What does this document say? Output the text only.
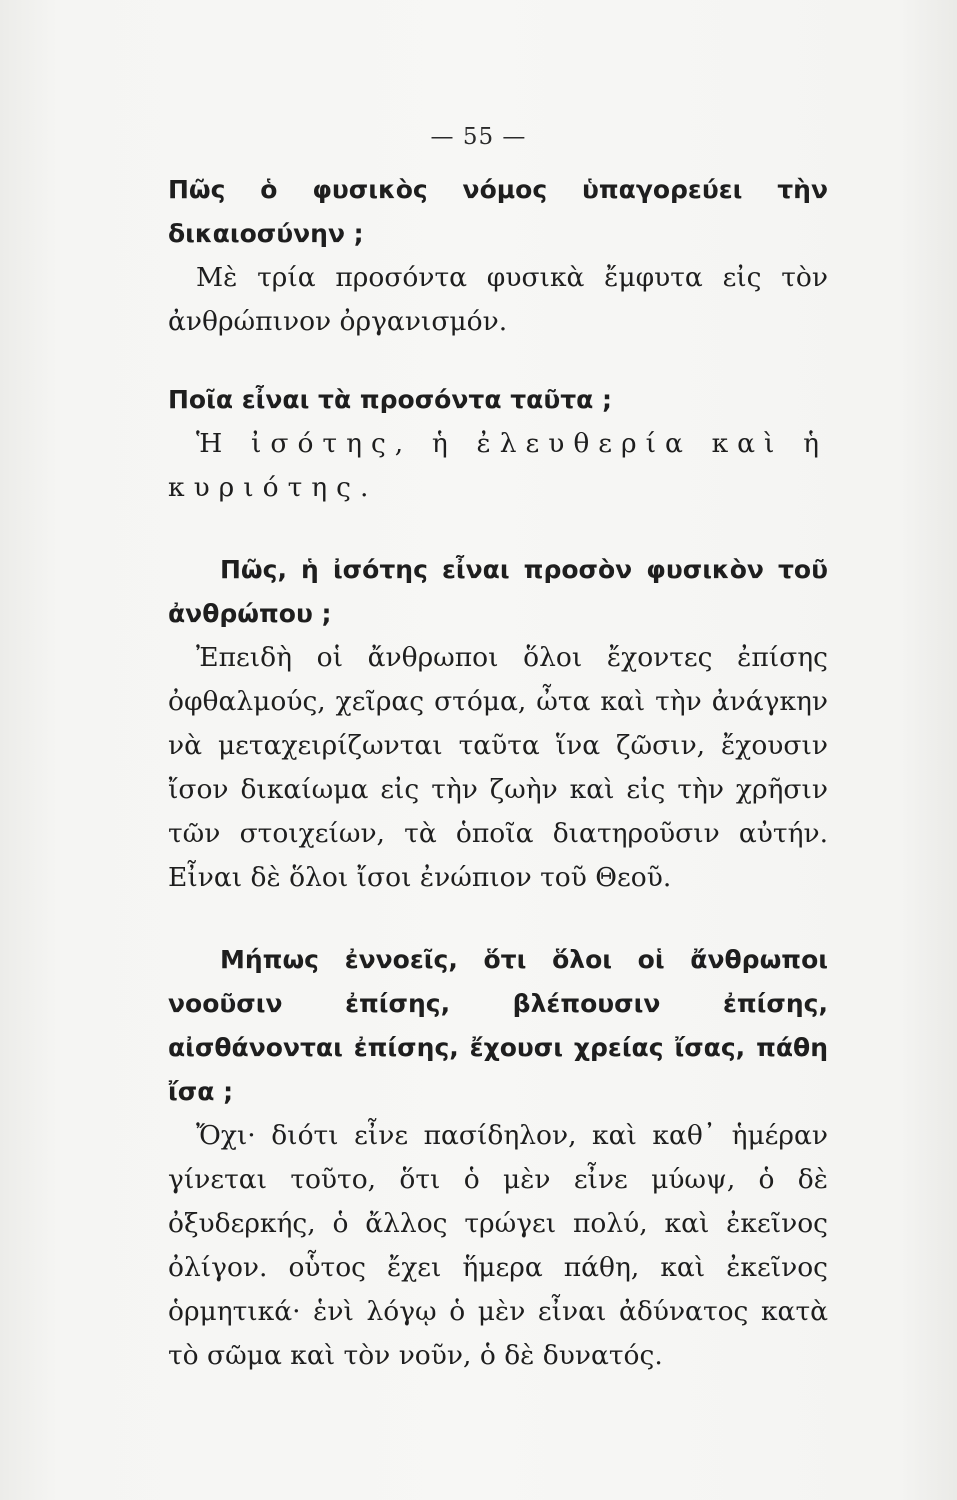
— 55 —

Πῶς ὁ φυσικὸς νόμος ὑπαγορεύει τὴν δικαιοσύνην ;

Μὲ τρία προσόντα φυσικὰ ἔμφυτα εἰς τὸν ἀνθρώπινον ὀργανισμόν.

Ποῖα εἶναι τὰ προσόντα ταῦτα ;

Ἡ ἰσότης, ἡ ἐλευθερία καὶ ἡ κυριότης.

Πῶς, ἡ ἰσότης εἶναι προσὸν φυσικὸν τοῦ ἀνθρώπου ;

Ἐπειδὴ οἱ ἄνθρωποι ὅλοι ἔχοντες ἐπίσης ὀφθαλμούς, χεῖρας στόμα, ὦτα καὶ τὴν ἀνάγκην νὰ μεταχειρίζωνται ταῦτα ἵνα ζῶσιν, ἔχουσιν ἴσον δικαίωμα εἰς τὴν ζωὴν καὶ εἰς τὴν χρῆσιν τῶν στοιχείων, τὰ ὁποῖα διατηροῦσιν αὐτήν. Εἶναι δὲ ὅλοι ἴσοι ἐνώπιον τοῦ Θεοῦ.

Μήπως ἐννοεῖς, ὅτι ὅλοι οἱ ἄνθρωποι νοοῦσιν ἐπίσης, βλέπουσιν ἐπίσης, αἰσθάνονται ἐπίσης, ἔχουσι χρείας ἴσας, πάθη ἴσα ;

Ὄχι· διότι εἶνε πασίδηλον, καὶ καθ᾽ ἡμέραν γίνεται τοῦτο, ὅτι ὁ μὲν εἶνε μύωψ, ὁ δὲ ὀξυδερκής, ὁ ἄλλος τρώγει πολύ, καὶ ἐκεῖνος ὀλίγον. οὗτος ἔχει ἥμερα πάθη, καὶ ἐκεῖνος ὁρμητικά· ἑνὶ λόγῳ ὁ μὲν εἶναι ἀδύνατος κατὰ τὸ σῶμα καὶ τὸν νοῦν, ὁ δὲ δυνατός.
